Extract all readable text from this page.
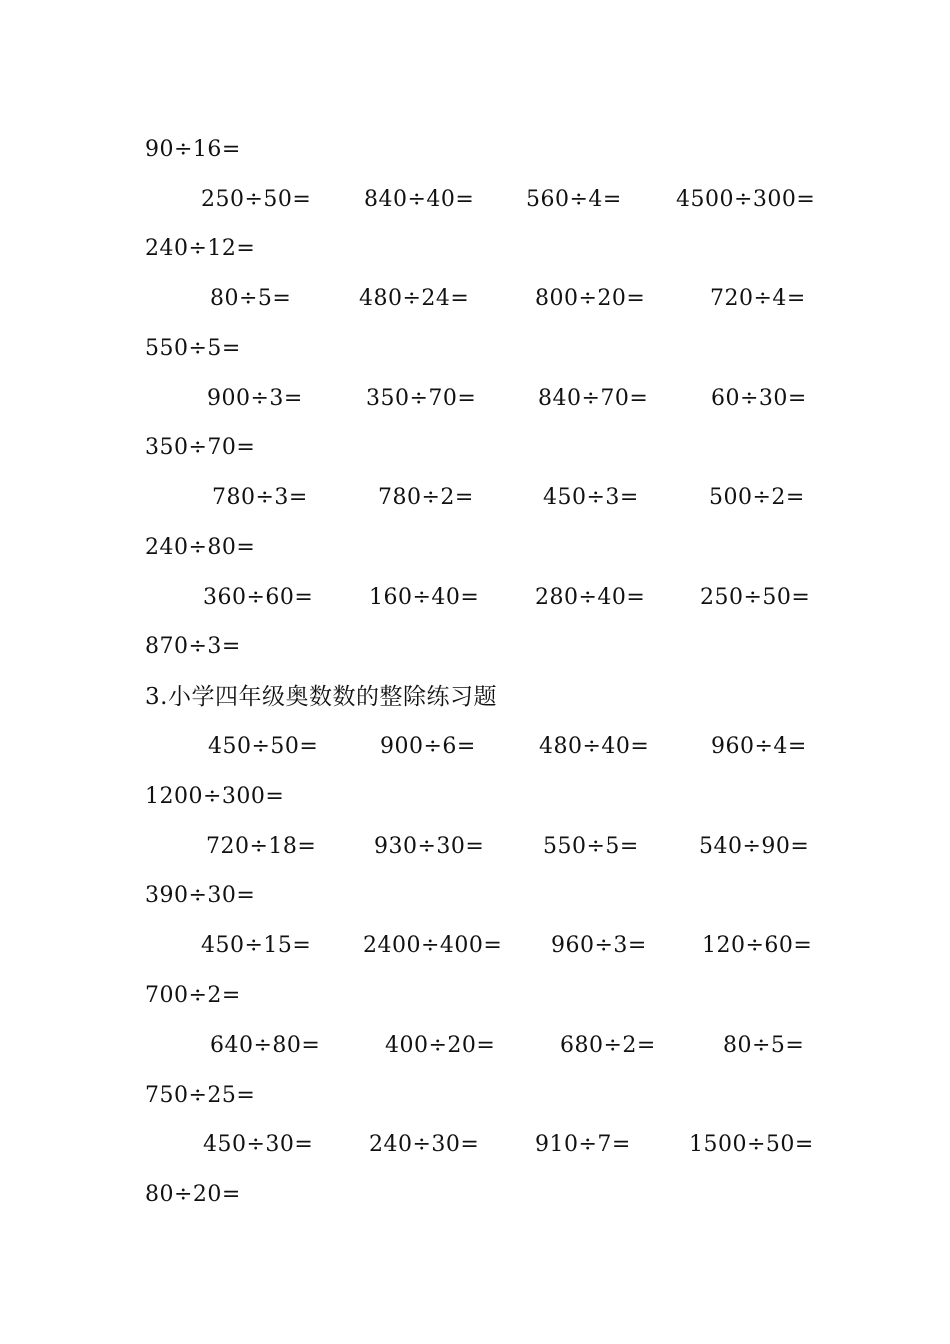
90÷16=
250÷50= 840÷40= 560÷4= 4500÷300=
240÷12=
80÷5=	480÷24=	800÷20=	720÷4=
550÷5=
900÷3=	350÷70=	840÷70=	60÷30=
350÷70=
780÷3=	780÷2=	450÷3=	500÷2=
240÷80=
360÷60=	160÷40=	280÷40= 250÷50=
870÷3=
3.小学四年级奥数数的整除练习题
450÷50=	900÷6=	480÷40=	960÷4=
1200÷300=
720÷18=	930÷30=	550÷5=	540÷90=
390÷30=
450÷15= 2400÷400= 960÷3=	120÷60=
700÷2=
640÷80=	400÷20=	680÷2=	80÷5=
750÷25=
450÷30=	240÷30=	910÷7=	1500÷50=
80÷20=
